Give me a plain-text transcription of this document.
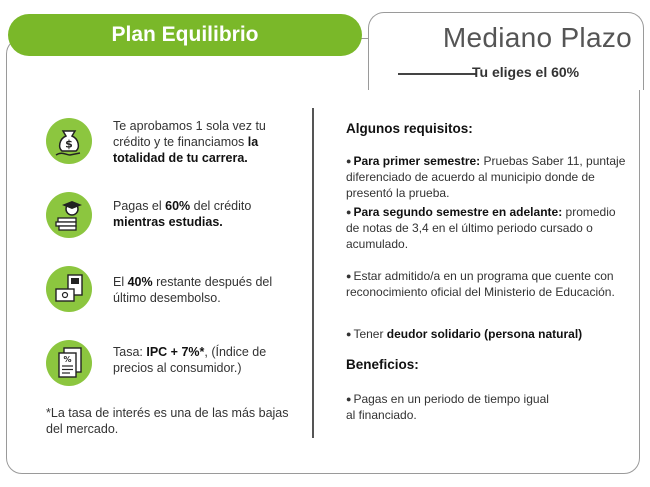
Plan Equilibrio	Mediano Plazo
Tu eliges el 60%
$
Te aprobamos 1 sola vez tu crédito y te financiamos la totalidad de tu carrera.
Pagas el 60% del crédito mientras estudias.
El 40% restante después del último desembolso.
%
Tasa: IPC + 7%*, (Índice de precios al consumidor.)
*La tasa de interés es una de las más bajas del mercado.
Algunos requisitos:
● Para primer semestre: Pruebas Saber 11, puntaje diferenciado de acuerdo al municipio donde de presentó la prueba.
● Para segundo semestre en adelante: promedio de notas de 3,4 en el último periodo cursado o acumulado.
● Estar admitido/a en un programa que cuente con reconocimiento oficial del Ministerio de Educación.
● Tener deudor solidario (persona natural)
Beneficios:
● Pagas en un periodo de tiempo igual al financiado.
